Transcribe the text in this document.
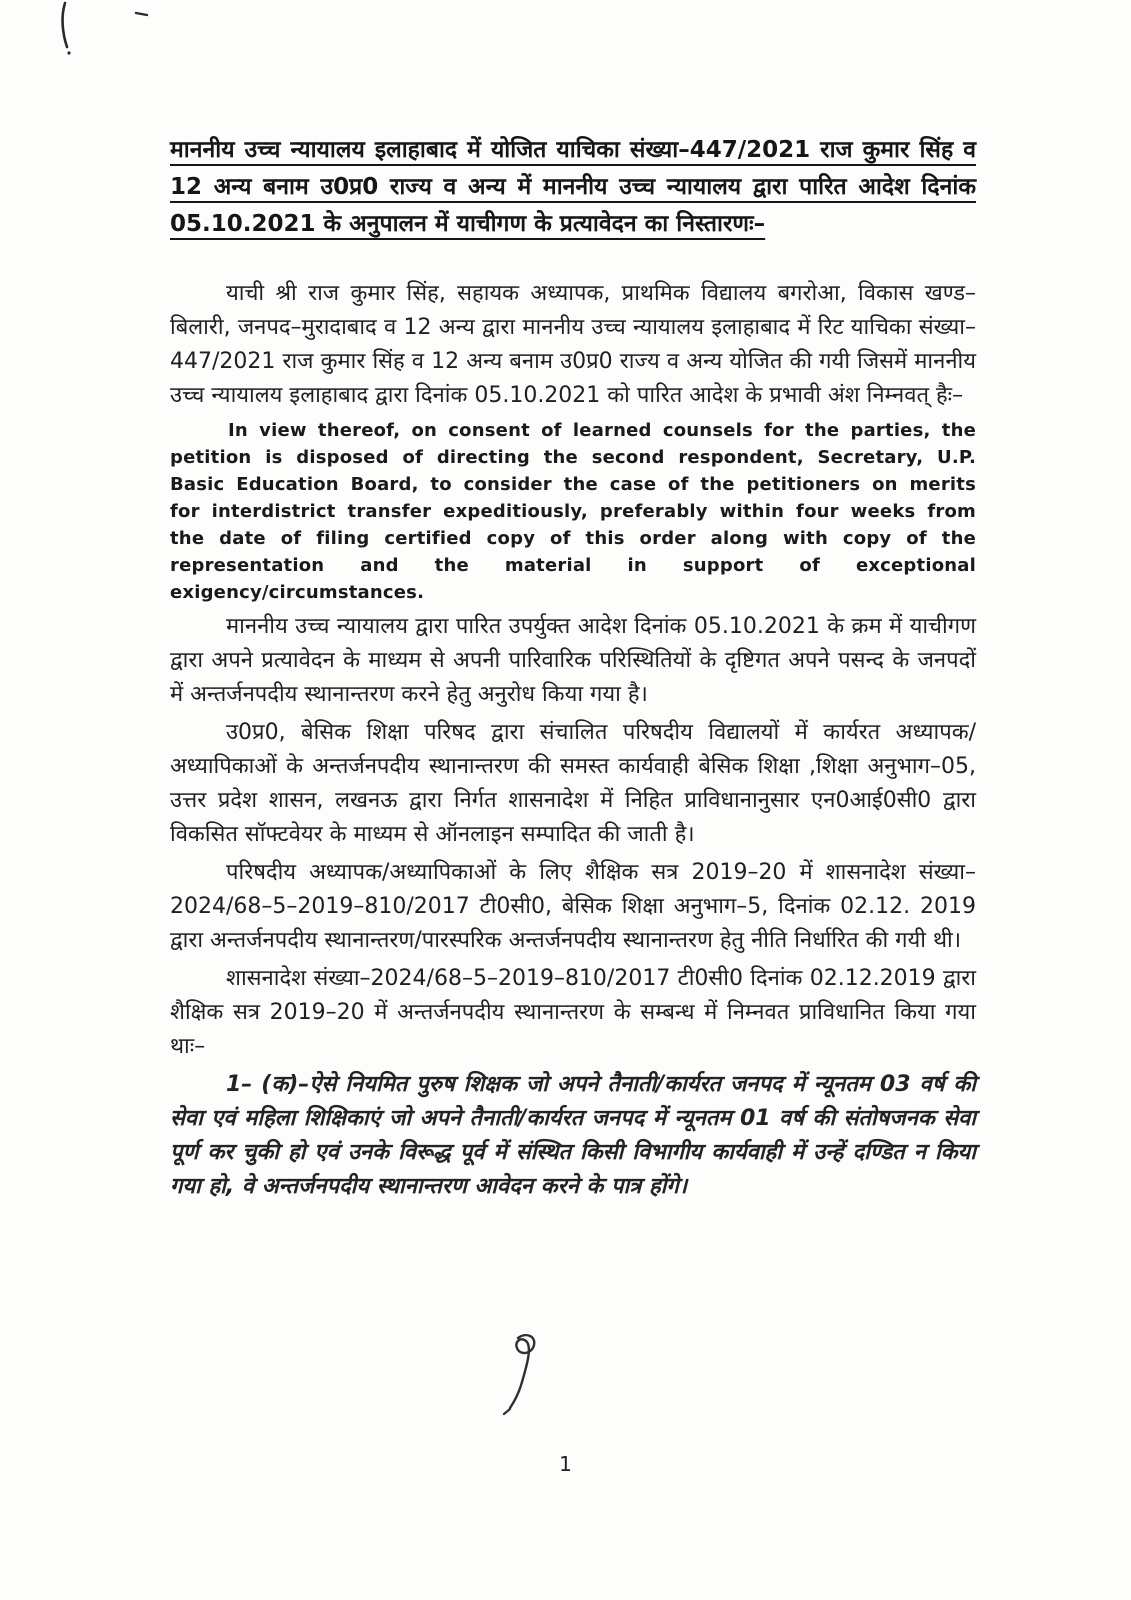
माननीय उच्च न्यायालय इलाहाबाद में योजित याचिका संख्या–447/2021 राज कुमार सिंह व 12 अन्य बनाम उ0प्र0 राज्य व अन्य में माननीय उच्च न्यायालय द्वारा पारित आदेश दिनांक 05.10.2021 के अनुपालन में याचीगण के प्रत्यावेदन का निस्तारणः–

याची श्री राज कुमार सिंह, सहायक अध्यापक, प्राथमिक विद्यालय बगरोआ, विकास खण्ड–बिलारी, जनपद–मुरादाबाद व 12 अन्य द्वारा माननीय उच्च न्यायालय इलाहाबाद में रिट याचिका संख्या–447/2021 राज कुमार सिंह व 12 अन्य बनाम उ0प्र0 राज्य व अन्य योजित की गयी जिसमें माननीय उच्च न्यायालय इलाहाबाद द्वारा दिनांक 05.10.2021 को पारित आदेश के प्रभावी अंश निम्नवत् हैः–

In view thereof, on consent of learned counsels for the parties, the petition is disposed of directing the second respondent, Secretary, U.P. Basic Education Board, to consider the case of the petitioners on merits for interdistrict transfer expeditiously, preferably within four weeks from the date of filing certified copy of this order along with copy of the representation and the material in support of exceptional exigency/circumstances.

माननीय उच्च न्यायालय द्वारा पारित उपर्युक्त आदेश दिनांक 05.10.2021 के क्रम में याचीगण द्वारा अपने प्रत्यावेदन के माध्यम से अपनी पारिवारिक परिस्थितियों के दृष्टिगत अपने पसन्द के जनपदों में अन्तर्जनपदीय स्थानान्तरण करने हेतु अनुरोध किया गया है।

उ0प्र0, बेसिक शिक्षा परिषद द्वारा संचालित परिषदीय विद्यालयों में कार्यरत अध्यापक/अध्यापिकाओं के अन्तर्जनपदीय स्थानान्तरण की समस्त कार्यवाही बेसिक शिक्षा ,शिक्षा अनुभाग–05, उत्तर प्रदेश शासन, लखनऊ द्वारा निर्गत शासनादेश में निहित प्राविधानानुसार एन0आई0सी0 द्वारा विकसित सॉफ्टवेयर के माध्यम से ऑनलाइन सम्पादित की जाती है।

परिषदीय अध्यापक/अध्यापिकाओं के लिए शैक्षिक सत्र 2019–20 में शासनादेश संख्या–2024/68–5–2019–810/2017 टी0सी0, बेसिक शिक्षा अनुभाग–5, दिनांक 02.12. 2019 द्वारा अन्तर्जनपदीय स्थानान्तरण/पारस्परिक अन्तर्जनपदीय स्थानान्तरण हेतु नीति निर्धारित की गयी थी।

शासनादेश संख्या–2024/68–5–2019–810/2017 टी0सी0 दिनांक 02.12.2019 द्वारा शैक्षिक सत्र 2019–20 में अन्तर्जनपदीय स्थानान्तरण के सम्बन्ध में निम्नवत प्राविधानित किया गया थाः–

1– (क)–ऐसे नियमित पुरुष शिक्षक जो अपने तैनाती/कार्यरत जनपद में न्यूनतम 03 वर्ष की सेवा एवं महिला शिक्षिकाएं जो अपने तैनाती/कार्यरत जनपद में न्यूनतम 01 वर्ष की संतोषजनक सेवा पूर्ण कर चुकी हो एवं उनके विरूद्ध पूर्व में संस्थित किसी विभागीय कार्यवाही में उन्हें दण्डित न किया गया हो, वे अन्तर्जनपदीय स्थानान्तरण आवेदन करने के पात्र होंगे।

1
